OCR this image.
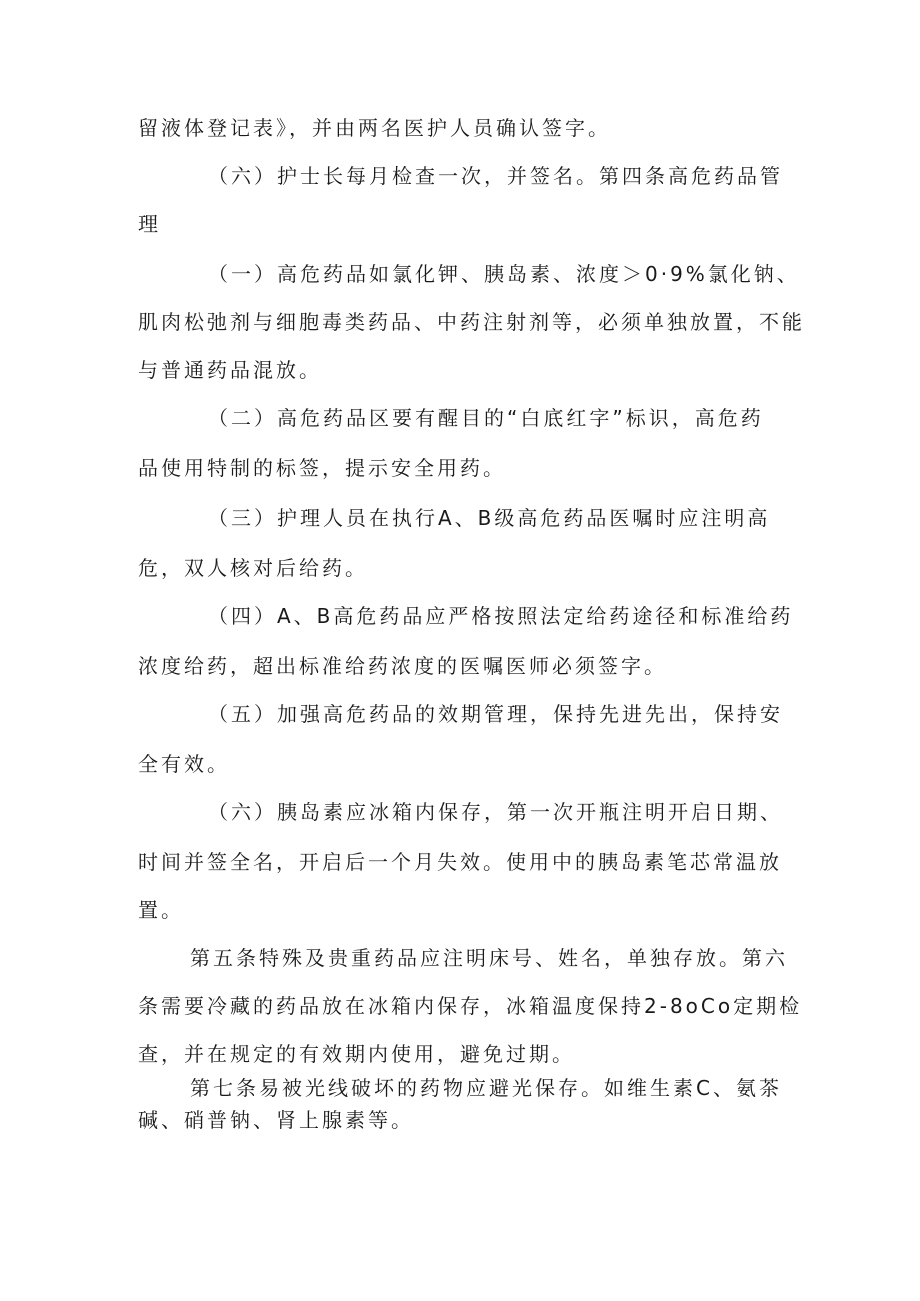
留液体登记表》，并由两名医护人员确认签字。
（六）护士长每月检查一次，并签名。第四条高危药品管
理
（一）高危药品如氯化钾、胰岛素、浓度＞0·9%氯化钠、
肌肉松弛剂与细胞毒类药品、中药注射剂等，必须单独放置，不能
与普通药品混放。
（二）高危药品区要有醒目的“白底红字”标识，高危药
品使用特制的标签，提示安全用药。
（三）护理人员在执行A、B级高危药品医嘱时应注明高
危，双人核对后给药。
（四）A、B高危药品应严格按照法定给药途径和标准给药
浓度给药，超出标准给药浓度的医嘱医师必须签字。
（五）加强高危药品的效期管理，保持先进先出，保持安
全有效。
（六）胰岛素应冰箱内保存，第一次开瓶注明开启日期、
时间并签全名，开启后一个月失效。使用中的胰岛素笔芯常温放
置。
第五条特殊及贵重药品应注明床号、姓名，单独存放。第六
条需要冷藏的药品放在冰箱内保存，冰箱温度保持2-8oCo定期检
查，并在规定的有效期内使用，避免过期。
第七条易被光线破坏的药物应避光保存。如维生素C、氨茶
碱、硝普钠、肾上腺素等。
